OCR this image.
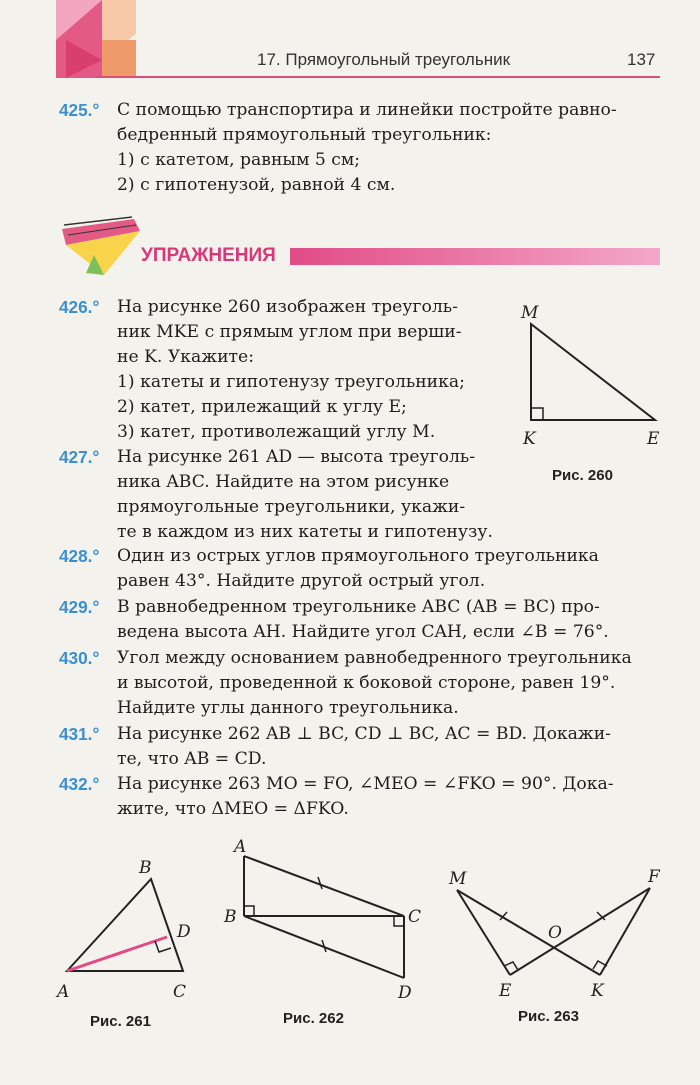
17. Прямоугольный треугольник	137
425.°	С помощью транспортира и линейки постройте равно-
бедренный прямоугольный треугольник:
1) с катетом, равным 5 см;
2) с гипотенузой, равной 4 см.
УПРАЖНЕНИЯ
426.°	На рисунке 260 изображен треуголь-
ник MKE с прямым углом при верши-
не K. Укажите:
1) катеты и гипотенузу треугольника;
2) катет, прилежащий к углу E;
3) катет, противолежащий углу M.
427.°	На рисунке 261 AD — высота треуголь-
ника ABC. Найдите на этом рисунке
прямоугольные треугольники, укажи-
те в каждом из них катеты и гипотенузу.
428.°	Один из острых углов прямоугольного треугольника
равен 43°. Найдите другой острый угол.
429.°	В равнобедренном треугольнике ABC (AB = BC) про-
ведена высота AH. Найдите угол CAH, если ∠B = 76°.
430.°	Угол между основанием равнобедренного треугольника
и высотой, проведенной к боковой стороне, равен 19°.
Найдите углы данного треугольника.
431.°	На рисунке 262 AB ⊥ BC, CD ⊥ BC, AC = BD. Докажи-
те, что AB = CD.
432.°	На рисунке 263 MO = FO, ∠MEO = ∠FKO = 90°. Дока-
жите, что ΔMEO = ΔFKO.
M
K	E
Рис. 260
B
D
A	C
Рис. 261
A
B	C
D
Рис. 262
M	F
O
E	K
Рис. 263
